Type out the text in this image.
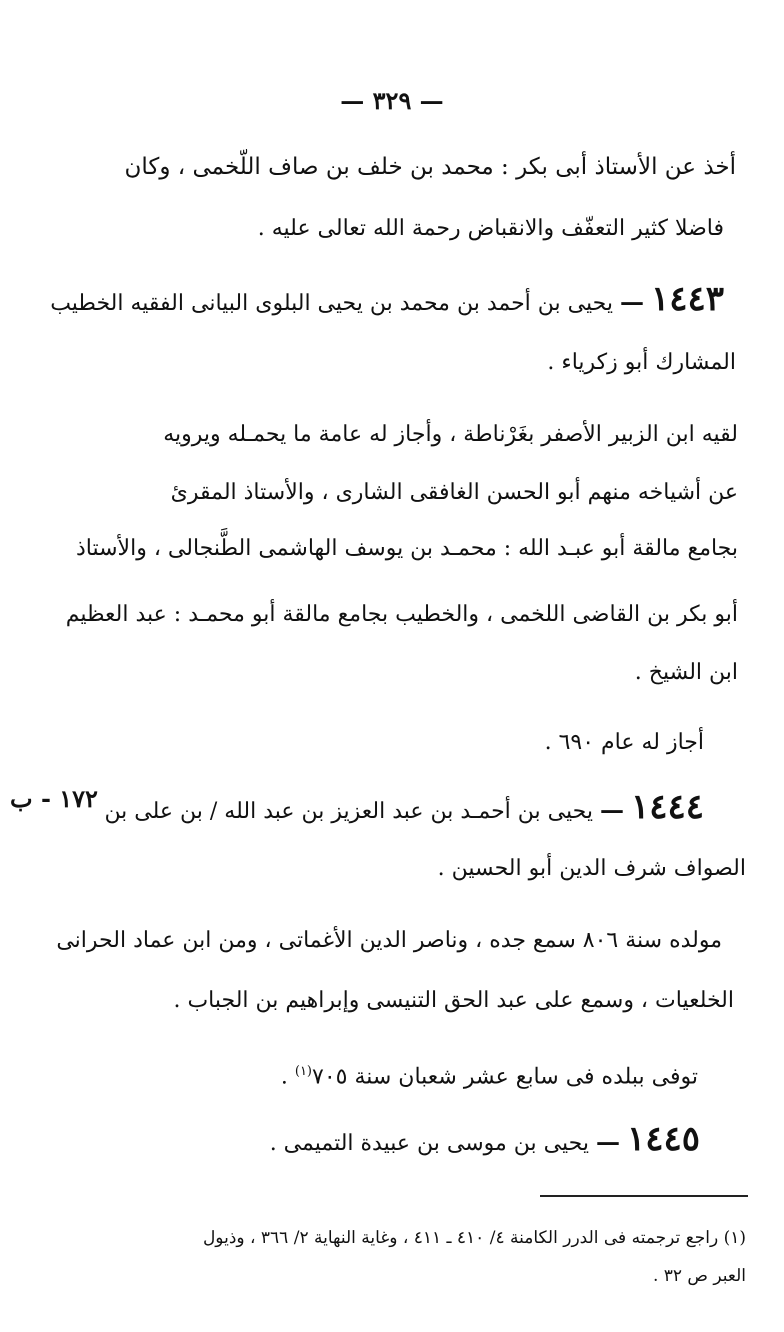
— ٣٢٩ —
أخذ عن الأستاذ أبى بكر : محمد بن خلف بن صاف اللّخمى ، وكان
فاضلا كثير التعفّف والانقباض رحمة الله تعالى عليه .
١٤٤٣ — يحيى بن أحمد بن محمد بن يحيى البلوى البيانى الفقيه الخطيب
المشارك أبو زكرياء .
لقيه ابن الزبير الأصفر بغَرْناطة ، وأجاز له عامة ما يحمـله ويرويه
عن أشياخه منهم أبو الحسن الغافقى الشارى ، والأستاذ المقرئ
بجامع مالقة أبو عبـد الله : محمـد بن يوسف الهاشمى الطَّنجالى ، والأستاذ
أبو بكر بن القاضى اللخمى ، والخطيب بجامع مالقة أبو محمـد : عبد العظيم
ابن الشيخ .
أجاز له عام ٦٩٠ .
١٤٤٤ — يحيى بن أحمـد بن عبد العزيز بن عبد الله / بن على بن
١٧٢ - ب
الصواف شرف الدين أبو الحسين .
مولده سنة ٨٠٦ سمع جده ، وناصر الدين الأغماتى ، ومن ابن عماد الحرانى
الخلعيات ، وسمع على عبد الحق التنيسى وإبراهيم بن الجباب .
توفى ببلده فى سابع عشر شعبان سنة ٧٠٥$^{(١)}$ .
١٤٤٥ — يحيى بن موسى بن عبيدة التميمى .
(١) راجع ترجمته فى الدرر الكامنة ٤/ ٤١٠ ـ ٤١١ ، وغاية النهاية ٢/ ٣٦٦ ، وذيول
العبر ص ٣٢ .
